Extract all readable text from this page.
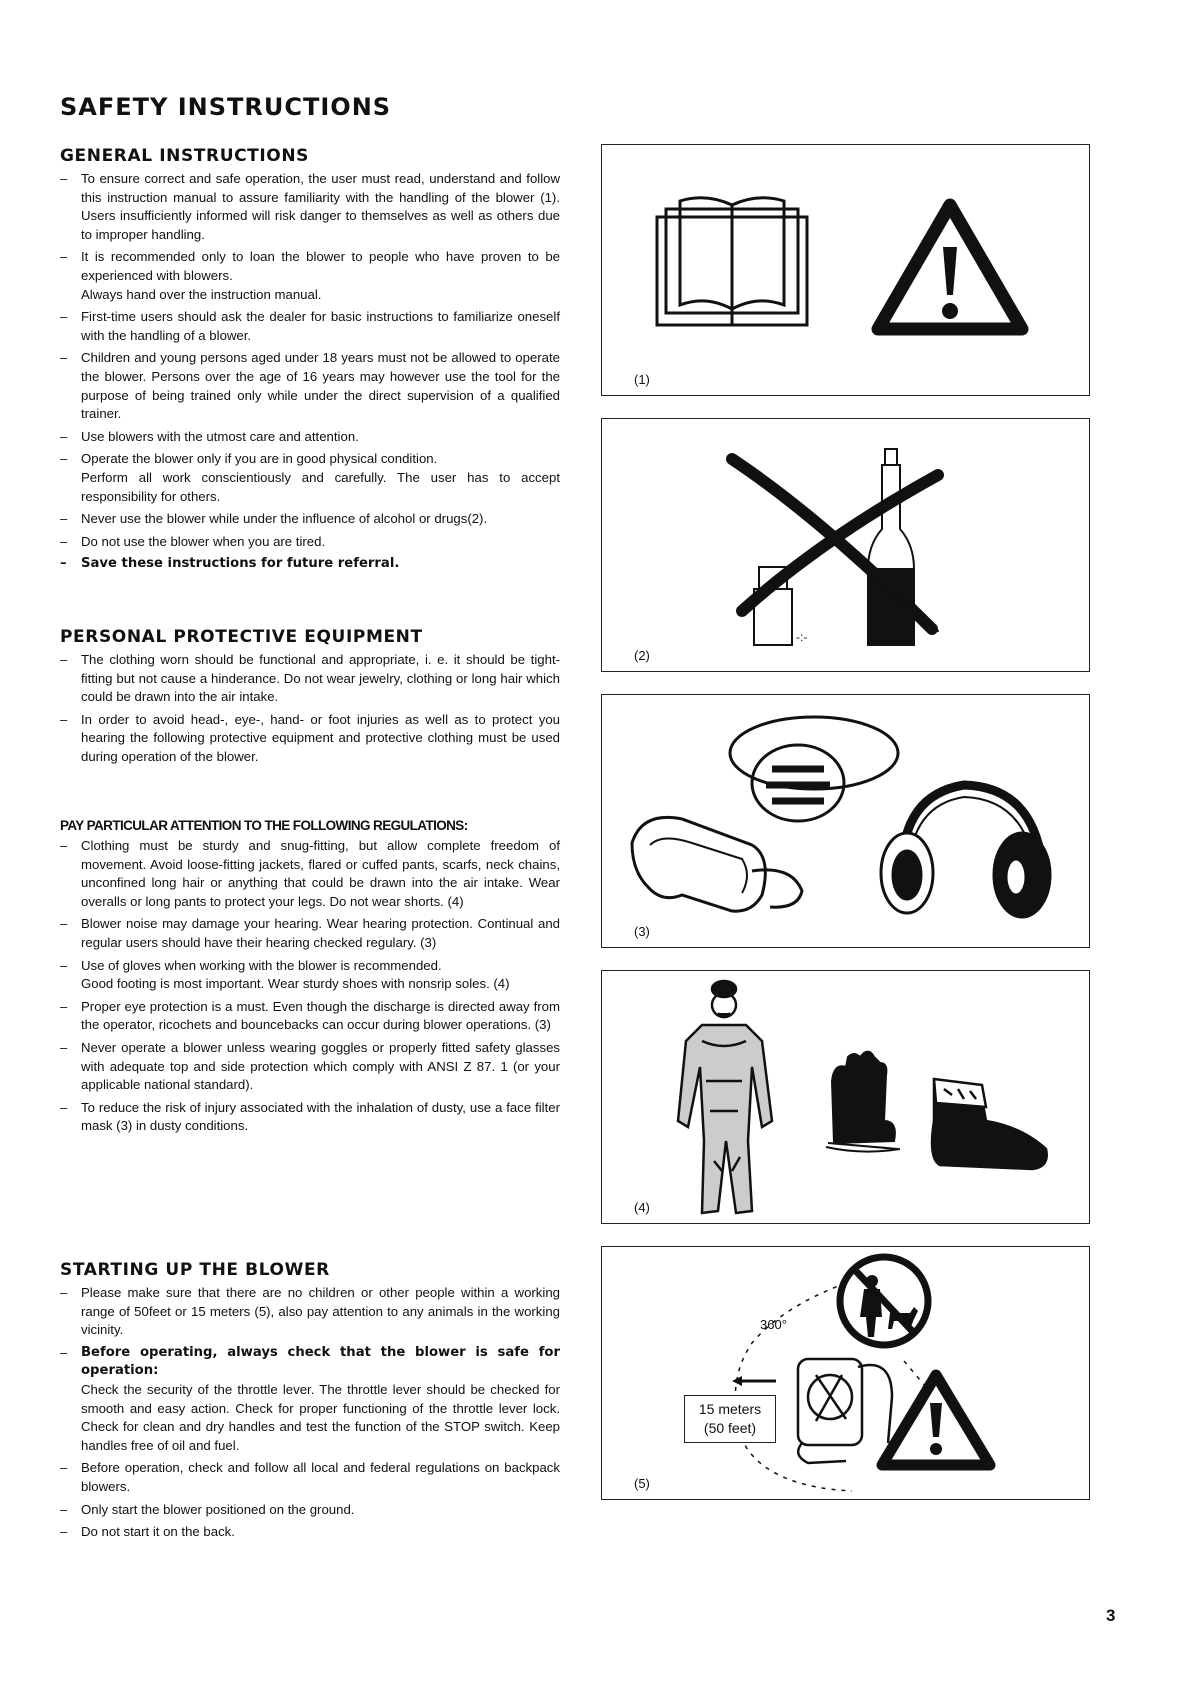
SAFETY INSTRUCTIONS
GENERAL INSTRUCTIONS
– To ensure correct and safe operation, the user must read, understand and follow this instruction manual to assure familiarity with the handling of the blower (1). Users insufficiently informed will risk danger to themselves as well as others due to improper handling.
– It is recommended only to loan the blower to people who have proven to be experienced with blowers.
Always hand over the instruction manual.
– First-time users should ask the dealer for basic instructions to familiarize oneself with the handling of a blower.
– Children and young persons aged under 18 years must not be allowed to operate the blower. Persons over the age of 16 years may however use the tool for the purpose of being trained only while under the direct supervision of a qualified trainer.
– Use blowers with the utmost care and attention.
– Operate the blower only if you are in good physical condition.
Perform all work conscientiously and carefully. The user has to accept responsibility for others.
– Never use the blower while under the influence of alcohol or drugs(2).
– Do not use the blower when you are tired.
– Save these instructions for future referral.
PERSONAL PROTECTIVE EQUIPMENT
– The clothing worn should be functional and appropriate, i. e. it should be tight-fitting but not cause a hinderance. Do not wear jewelry, clothing or long hair which could be drawn into the air intake.
– In order to avoid head-, eye-, hand- or foot injuries as well as to protect you hearing the following protective equipment and protective clothing must be used during operation of the blower.
PAY PARTICULAR ATTENTION TO THE FOLLOWING REGULATIONS:
– Clothing must be sturdy and snug-fitting, but allow complete freedom of movement. Avoid loose-fitting jackets, flared or cuffed pants, scarfs, neck chains, unconfined long hair or anything that could be drawn into the air intake. Wear overalls or long pants to protect your legs. Do not wear shorts. (4)
– Blower noise may damage your hearing. Wear hearing protection. Continual and regular users should have their hearing checked regulary. (3)
– Use of gloves when working with the blower is recommended.
Good footing is most important. Wear sturdy shoes with nonsrip soles. (4)
– Proper eye protection is a must. Even though the discharge is directed away from the operator, ricochets and bouncebacks can occur during blower operations. (3)
– Never operate a blower unless wearing goggles or properly fitted safety glasses with adequate top and side protection which comply with ANSI Z 87. 1 (or your applicable national standard).
– To reduce the risk of injury associated with the inhalation of dusty, use a face filter mask (3) in dusty conditions.
STARTING UP THE BLOWER
– Please make sure that there are no children or other people within a working range of 50feet or 15 meters (5), also pay attention to any animals in the working vicinity.
– Before operating, always check that the blower is safe for operation:
Check the security of the throttle lever. The throttle lever should be checked for smooth and easy action. Check for proper functioning of the throttle lever lock. Check for clean and dry handles and test the function of the STOP switch. Keep handles free of oil and fuel.
– Before operation, check and follow all local and federal regulations on backpack blowers.
– Only start the blower positioned on the ground.
– Do not start it on the back.
(1)
-:-
(2)
(3)
(4)
360°
15 meters
(50 feet)
(5)
3
